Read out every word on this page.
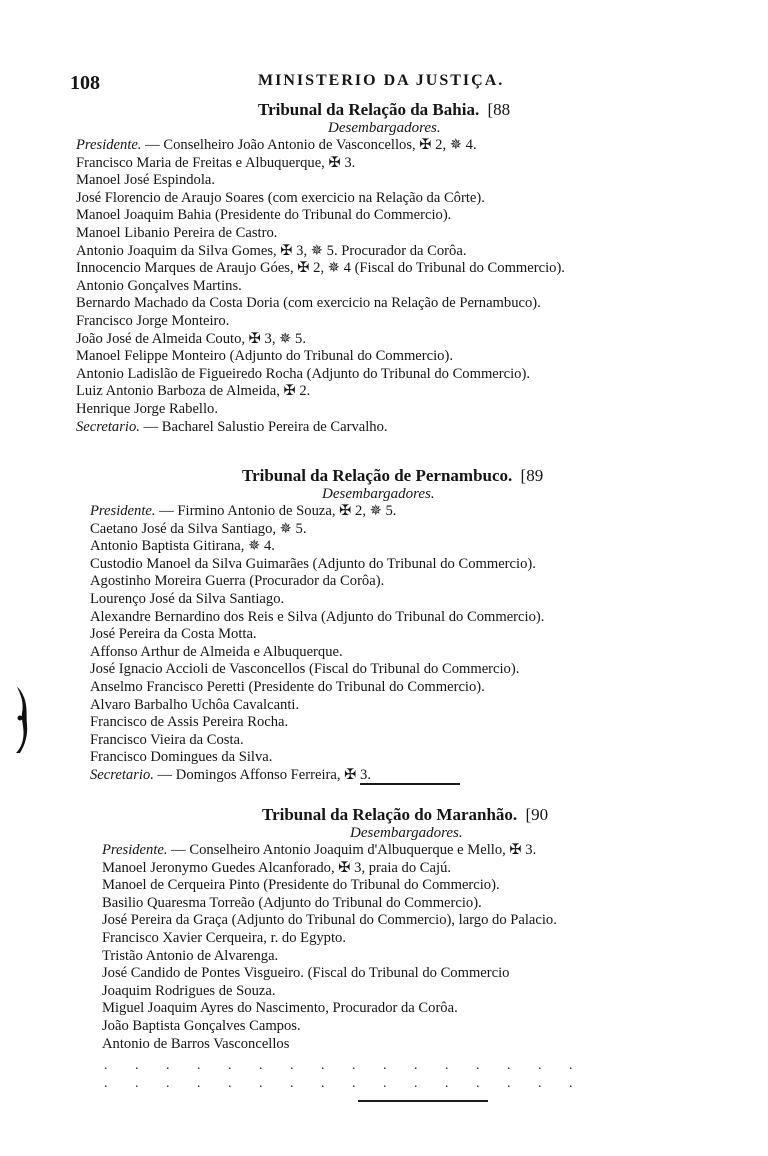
108	MINISTERIO DA JUSTIÇA.
Tribunal da Relação da Bahia. [88
Desembargadores.
Presidente. — Conselheiro João Antonio de Vasconcellos, ✠ 2, ✵ 4.
Francisco Maria de Freitas e Albuquerque, ✠ 3.
Manoel José Espindola.
José Florencio de Araujo Soares (com exercicio na Relação da Côrte).
Manoel Joaquim Bahia (Presidente do Tribunal do Commercio).
Manoel Libanio Pereira de Castro.
Antonio Joaquim da Silva Gomes, ✠ 3, ✵ 5. Procurador da Corôa.
Innocencio Marques de Araujo Góes, ✠ 2, ✵ 4 (Fiscal do Tribunal do Commercio).
Antonio Gonçalves Martins.
Bernardo Machado da Costa Doria (com exercicio na Relação de Pernambuco).
Francisco Jorge Monteiro.
João José de Almeida Couto, ✠ 3, ✵ 5.
Manoel Felippe Monteiro (Adjunto do Tribunal do Commercio).
Antonio Ladislão de Figueiredo Rocha (Adjunto do Tribunal do Commercio).
Luiz Antonio Barboza de Almeida, ✠ 2.
Henrique Jorge Rabello.
Secretario. — Bacharel Salustio Pereira de Carvalho.
Tribunal da Relação de Pernambuco. [89
Desembargadores.
Presidente. — Firmino Antonio de Souza, ✠ 2, ✵ 5.
Caetano José da Silva Santiago, ✵ 5.
Antonio Baptista Gitirana, ✵ 4.
Custodio Manoel da Silva Guimarães (Adjunto do Tribunal do Commercio).
Agostinho Moreira Guerra (Procurador da Corôa).
Lourenço José da Silva Santiago.
Alexandre Bernardino dos Reis e Silva (Adjunto do Tribunal do Commercio).
José Pereira da Costa Motta.
Affonso Arthur de Almeida e Albuquerque.
José Ignacio Accioli de Vasconcellos (Fiscal do Tribunal do Commercio).
Anselmo Francisco Peretti (Presidente do Tribunal do Commercio).
Alvaro Barbalho Uchôa Cavalcanti.
Francisco de Assis Pereira Rocha.
Francisco Vieira da Costa.
Francisco Domingues da Silva.
Secretario. — Domingos Affonso Ferreira, ✠ 3.
Tribunal da Relação do Maranhão. [90
Desembargadores.
Presidente. — Conselheiro Antonio Joaquim d'Albuquerque e Mello, ✠ 3.
Manoel Jeronymo Guedes Alcanforado, ✠ 3, praia do Cajú.
Manoel de Cerqueira Pinto (Presidente do Tribunal do Commercio).
Basilio Quaresma Torreão (Adjunto do Tribunal do Commercio).
José Pereira da Graça (Adjunto do Tribunal do Commercio), largo do Palacio.
Francisco Xavier Cerqueira, r. do Egypto.
Tristão Antonio de Alvarenga.
José Candido de Pontes Visgueiro. (Fiscal do Tribunal do Commercio
Joaquim Rodrigues de Souza.
Miguel Joaquim Ayres do Nascimento, Procurador da Corôa.
João Baptista Gonçalves Campos.
Antonio de Barros Vasconcellos
. . . . . . . . . . . . . . . .
. . . . . . . . . . . . . . . .
